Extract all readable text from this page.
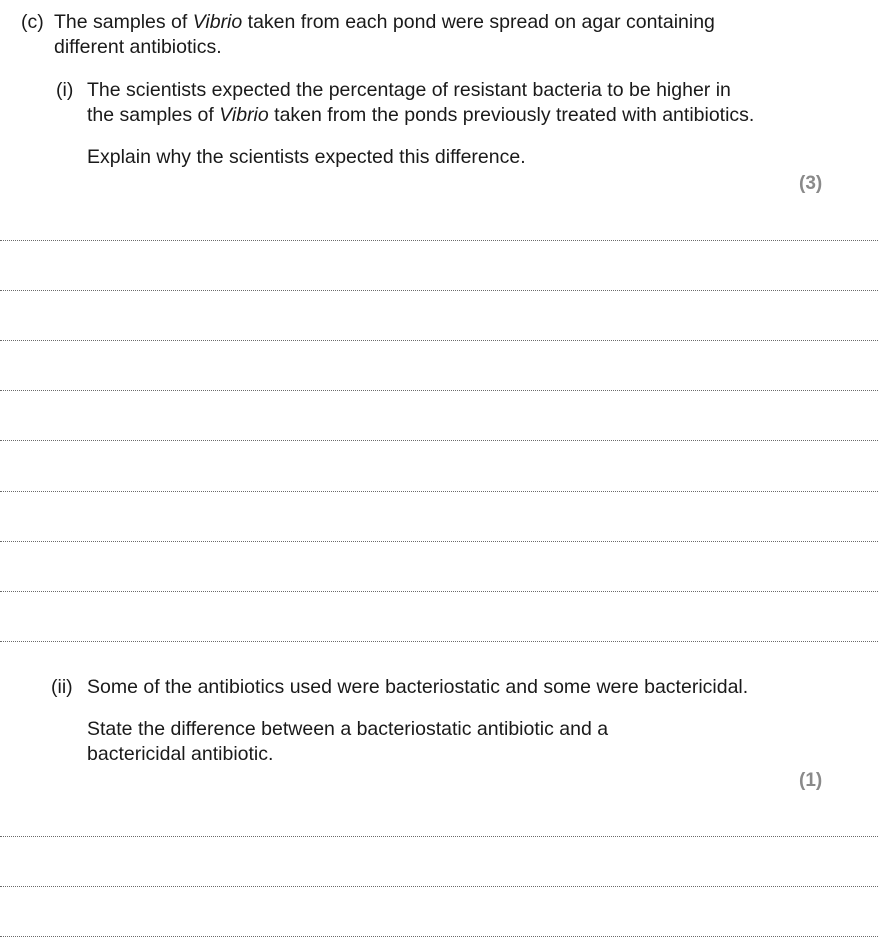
(c) The samples of Vibrio taken from each pond were spread on agar containing

different antibiotics.

(i) The scientists expected the percentage of resistant bacteria to be higher in

the samples of Vibrio taken from the ponds previously treated with antibiotics.

Explain why the scientists expected this difference.

(3)

(ii) Some of the antibiotics used were bacteriostatic and some were bactericidal.

State the difference between a bacteriostatic antibiotic and a

bactericidal antibiotic.

(1)
